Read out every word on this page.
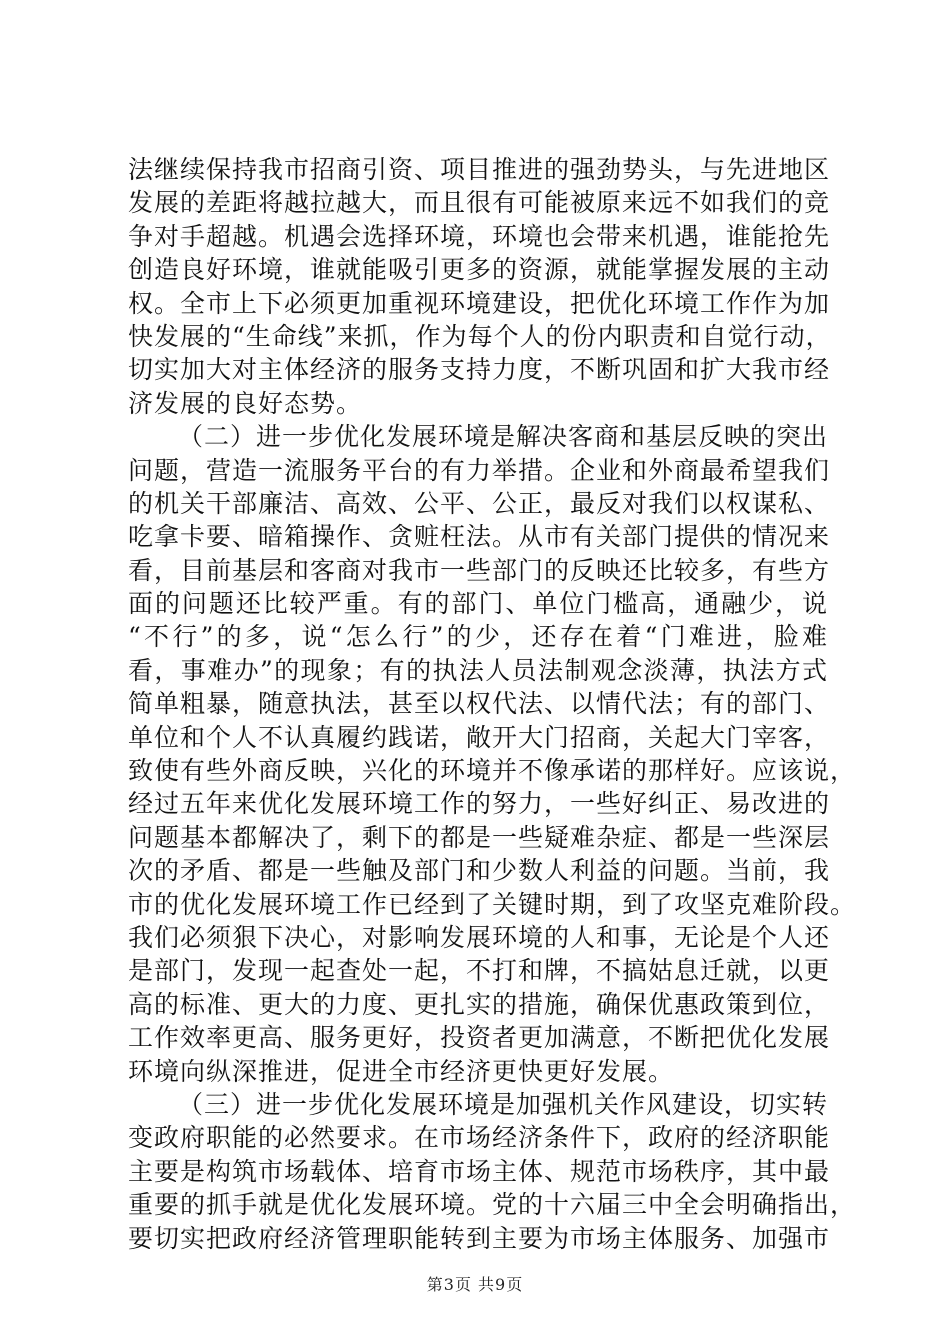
法继续保持我市招商引资、项目推进的强劲势头，与先进地区
发展的差距将越拉越大，而且很有可能被原来远不如我们的竞
争对手超越。机遇会选择环境，环境也会带来机遇，谁能抢先
创造良好环境，谁就能吸引更多的资源，就能掌握发展的主动
权。全市上下必须更加重视环境建设，把优化环境工作作为加
快发展的“生命线”来抓，作为每个人的份内职责和自觉行动，
切实加大对主体经济的服务支持力度，不断巩固和扩大我市经
济发展的良好态势。
（二）进一步优化发展环境是解决客商和基层反映的突出
问题，营造一流服务平台的有力举措。企业和外商最希望我们
的机关干部廉洁、高效、公平、公正，最反对我们以权谋私、
吃拿卡要、暗箱操作、贪赃枉法。从市有关部门提供的情况来
看，目前基层和客商对我市一些部门的反映还比较多，有些方
面的问题还比较严重。有的部门、单位门槛高，通融少，说
“不行”的多，说“怎么行”的少，还存在着“门难进，脸难
看，事难办”的现象；有的执法人员法制观念淡薄，执法方式
简单粗暴，随意执法，甚至以权代法、以情代法；有的部门、
单位和个人不认真履约践诺，敞开大门招商，关起大门宰客，
致使有些外商反映，兴化的环境并不像承诺的那样好。应该说，
经过五年来优化发展环境工作的努力，一些好纠正、易改进的
问题基本都解决了，剩下的都是一些疑难杂症、都是一些深层
次的矛盾、都是一些触及部门和少数人利益的问题。当前，我
市的优化发展环境工作已经到了关键时期，到了攻坚克难阶段。
我们必须狠下决心，对影响发展环境的人和事，无论是个人还
是部门，发现一起查处一起，不打和牌，不搞姑息迁就，以更
高的标准、更大的力度、更扎实的措施，确保优惠政策到位，
工作效率更高、服务更好，投资者更加满意，不断把优化发展
环境向纵深推进，促进全市经济更快更好发展。
（三）进一步优化发展环境是加强机关作风建设，切实转
变政府职能的必然要求。在市场经济条件下，政府的经济职能
主要是构筑市场载体、培育市场主体、规范市场秩序，其中最
重要的抓手就是优化发展环境。党的十六届三中全会明确指出，
要切实把政府经济管理职能转到主要为市场主体服务、加强市
第3页 共9页
